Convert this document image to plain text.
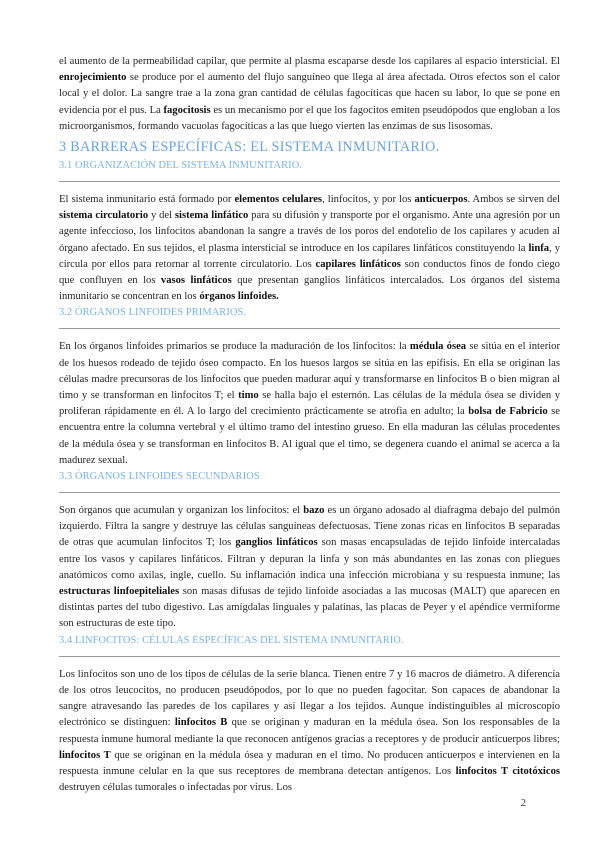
el aumento de la permeabilidad capilar, que permite al plasma escaparse desde los capilares al espacio intersticial. El enrojecimiento se produce por el aumento del flujo sanguíneo que llega al área afectada. Otros efectos son el calor local y el dolor. La sangre trae a la zona gran cantidad de células fagocíticas que hacen su labor, lo que se pone en evidencia por el pus. La fagocitosis es un mecanismo por el que los fagocitos emiten pseudópodos que engloban a los microorganismos, formando vacuolas fagocíticas a las que luego vierten las enzimas de sus lisosomas.

3 BARRERAS ESPECÍFICAS: EL SISTEMA INMUNITARIO.
3.1 ORGANIZACIÓN DEL SISTEMA INMUNITARIO.

El sistema inmunitario está formado por elementos celulares, linfocitos, y por los anticuerpos. Ambos se sirven del sistema circulatorio y del sistema linfático para su difusión y transporte por el organismo. Ante una agresión por un agente infeccioso, los linfocitos abandonan la sangre a través de los poros del endotelio de los capilares y acuden al órgano afectado. En sus tejidos, el plasma intersticial se introduce en los capilares linfáticos constituyendo la linfa, y circula por ellos para retornar al torrente circulatorio. Los capilares linfáticos son conductos finos de fondo ciego que confluyen en los vasos linfáticos que presentan ganglios linfáticos intercalados. Los órganos del sistema inmunitario se concentran en los órganos linfoides.

3.2 ÓRGANOS LINFOIDES PRIMARIOS.

En los órganos linfoides primarios se produce la maduración de los linfocitos: la médula ósea se sitúa en el interior de los huesos rodeado de tejido óseo compacto. En los huesos largos se sitúa en las epífisis. En ella se originan las células madre precursoras de los linfocitos que pueden madurar aquí y transformarse en linfocitos B o bien migran al timo y se transforman en linfocitos T; el timo se halla bajo el esternón. Las células de la médula ósea se dividen y proliferan rápidamente en él. A lo largo del crecimiento prácticamente se atrofia en adulto; la bolsa de Fabricio se encuentra entre la columna vertebral y el último tramo del intestino grueso. En ella maduran las células procedentes de la médula ósea y se transforman en linfocitos B. Al igual que el timo, se degenera cuando el animal se acerca a la madurez sexual.

3.3 ÓRGANOS LINFOIDES SECUNDARIOS

Son órganos que acumulan y organizan los linfocitos: el bazo es un órgano adosado al diafragma debajo del pulmón izquierdo. Filtra la sangre y destruye las células sanguíneas defectuosas. Tiene zonas ricas en linfocitos B separadas de otras que acumulan linfocitos T; los ganglios linfáticos son masas encapsuladas de tejido linfoide intercaladas entre los vasos y capilares linfáticos. Filtran y depuran la linfa y son más abundantes en las zonas con pliegues anatómicos como axilas, ingle, cuello. Su inflamación indica una infección microbiana y su respuesta inmune; las estructuras linfoepiteliales son masas difusas de tejido linfoide asociadas a las mucosas (MALT) que aparecen en distintas partes del tubo digestivo. Las amígdalas linguales y palatinas, las placas de Peyer y el apéndice vermiforme son estructuras de este tipo.

3.4 LINFOCITOS: CÉLULAS ESPECÍFICAS DEL SISTEMA INMUNITARIO.

Los linfocitos son uno de los tipos de células de la serie blanca. Tienen entre 7 y 16 macros de diámetro. A diferencia de los otros leucocitos, no producen pseudópodos, por lo que no pueden fagocitar. Son capaces de abandonar la sangre atravesando las paredes de los capilares y así llegar a los tejidos. Aunque indistinguibles al microscopio electrónico se distinguen: linfocitos B que se originan y maduran en la médula ósea. Son los responsables de la respuesta inmune humoral mediante la que reconocen antígenos gracias a receptores y de producir anticuerpos libres; linfocitos T que se originan en la médula ósea y maduran en el timo. No producen anticuerpos e intervienen en la respuesta inmune celular en la que sus receptores de membrana detectan antígenos. Los linfocitos T citotóxicos destruyen células tumorales o infectadas por virus. Los

2
